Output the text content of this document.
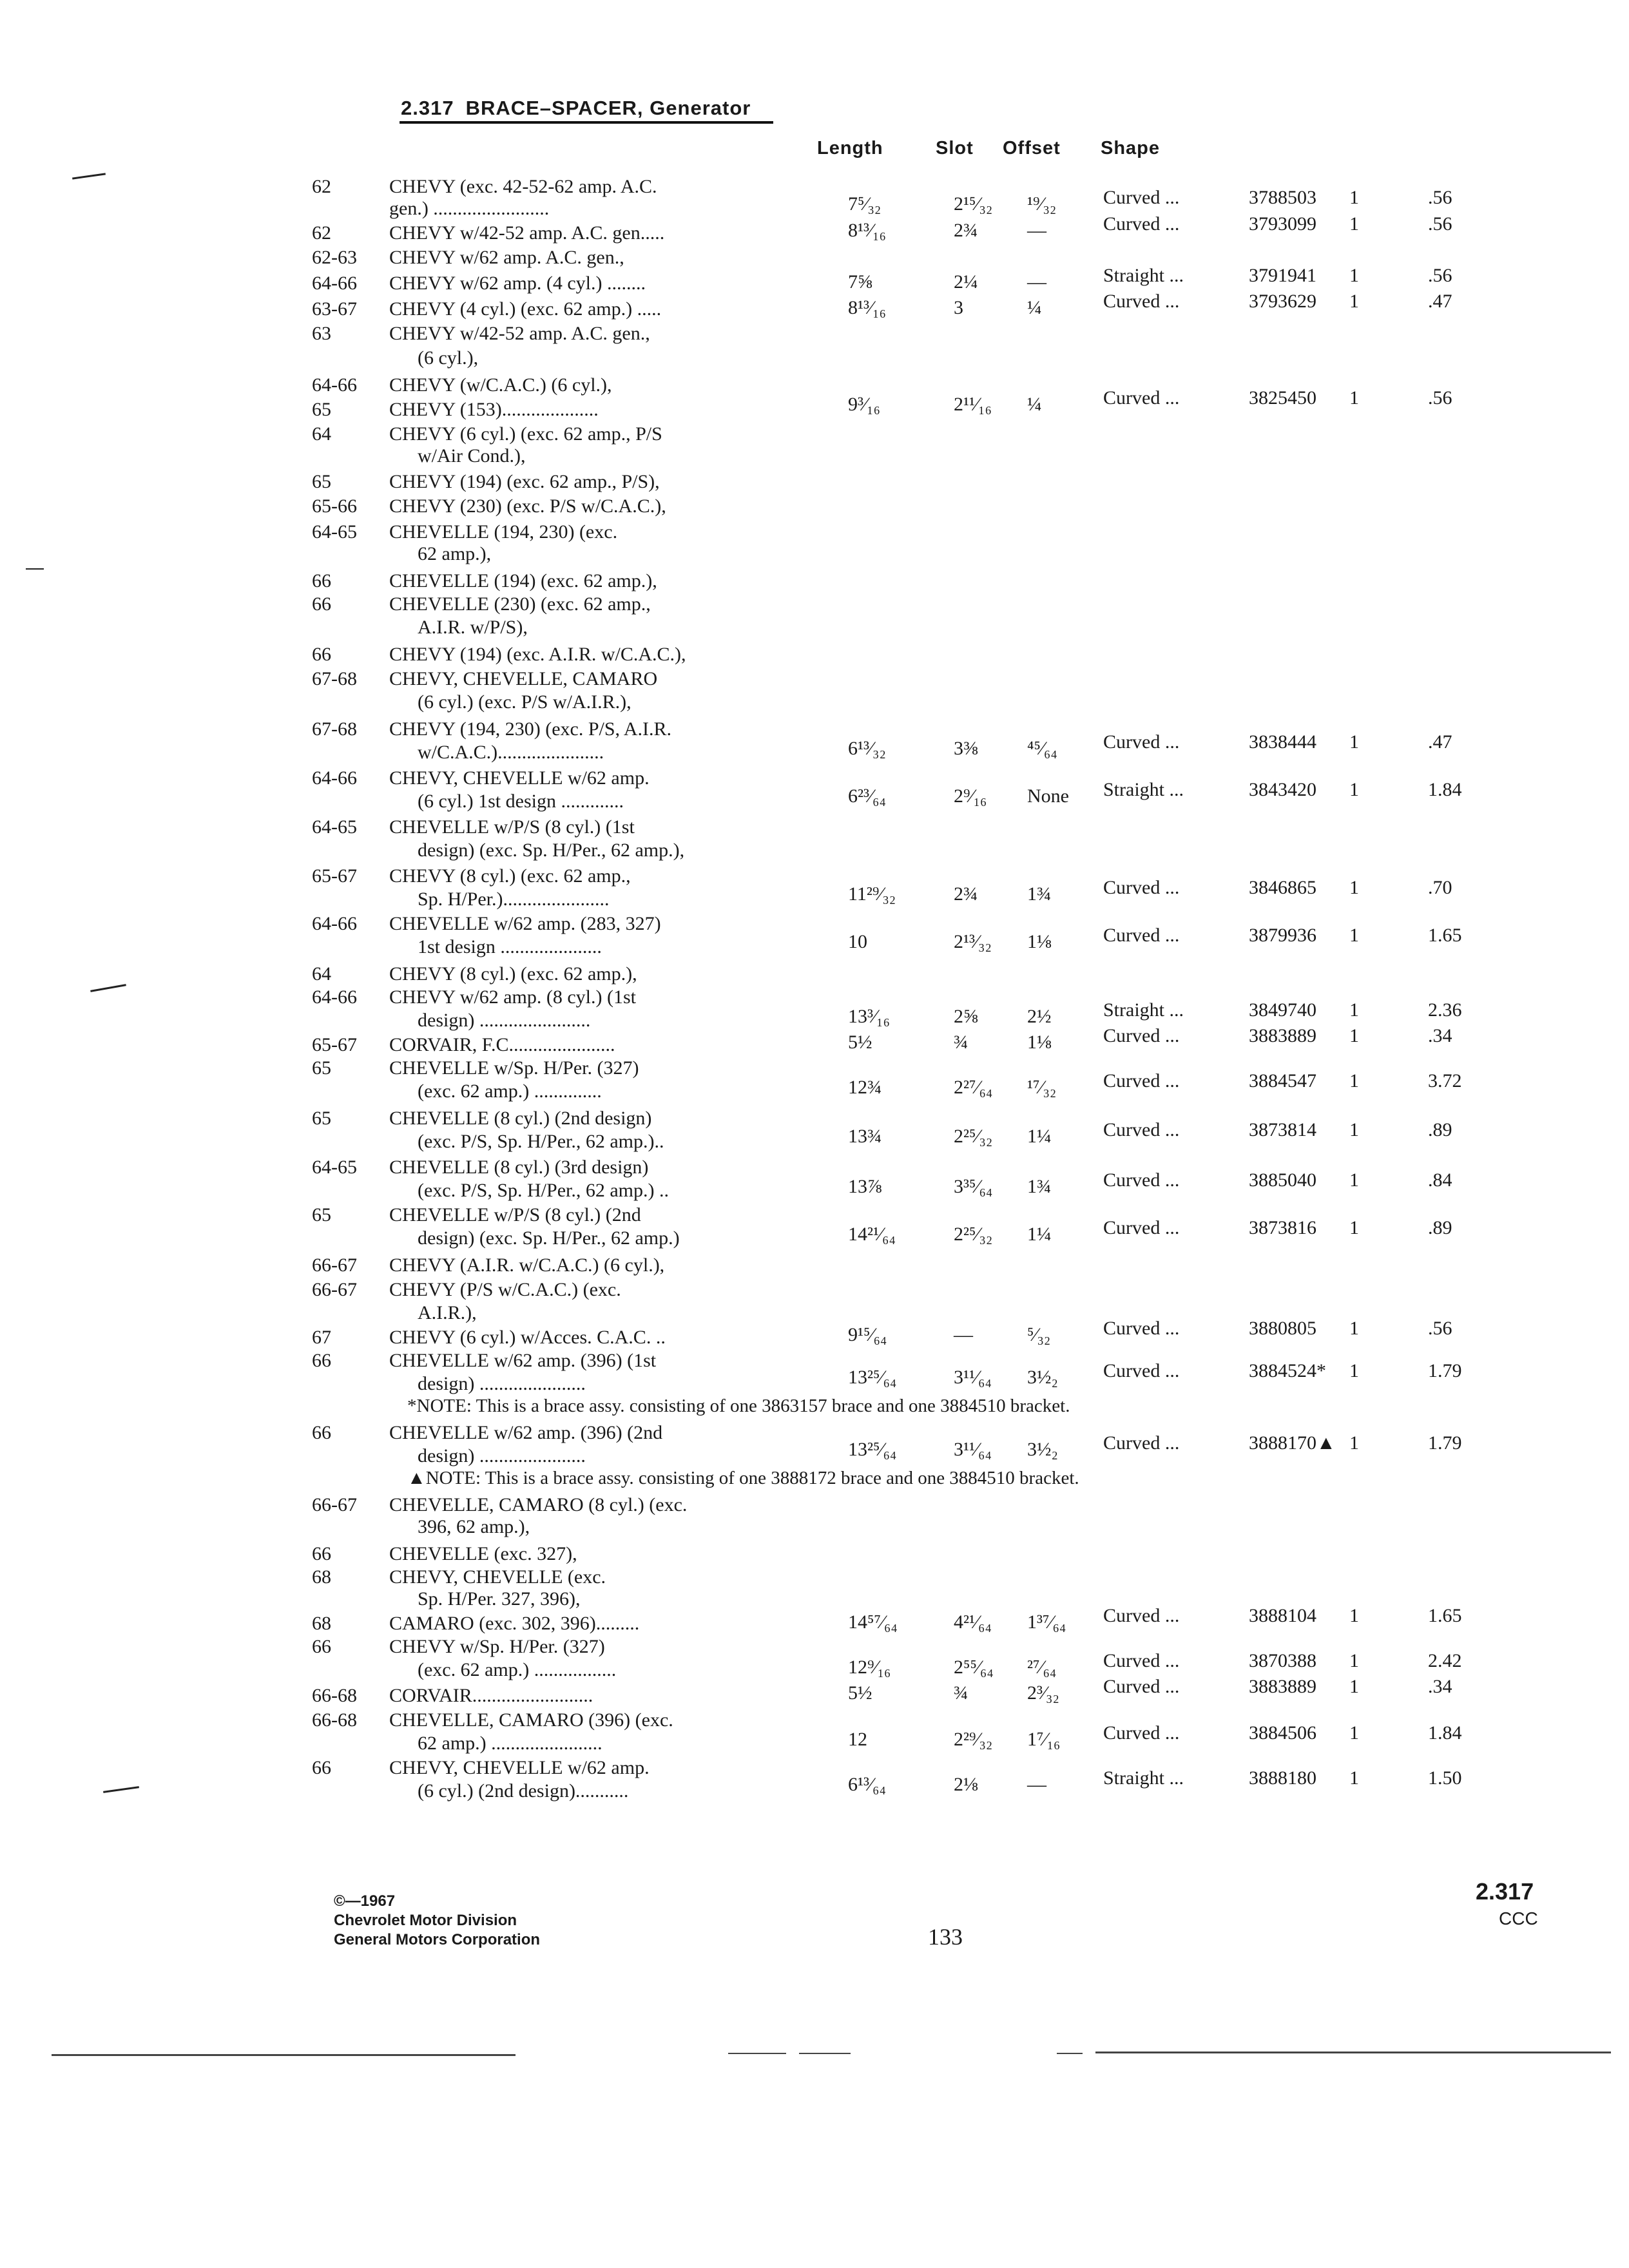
2.317 BRACE–SPACER, Generator
Length	Slot Offset Shape
62	CHEVY (exc. 42-52-62 amp. A.C.
gen.) ........................	7⁵⁄₃₂	2¹⁵⁄₃₂ ¹⁹⁄₃₂ Curved ...	3788503 1	.56
62	CHEVY w/42-52 amp. A.C. gen.....	8¹³⁄₁₆	2¾	—	Curved ...	3793099 1	.56
62-63 CHEVY w/62 amp. A.C. gen.,
64-66 CHEVY w/62 amp. (4 cyl.) ........	7⅝	2¼	—	Straight ...	3791941 1	.56
63-67 CHEVY (4 cyl.) (exc. 62 amp.) .....	8¹³⁄₁₆	3	¼	Curved ...	3793629 1	.47
63	CHEVY w/42-52 amp. A.C. gen.,
(6 cyl.),
64-66 CHEVY (w/C.A.C.) (6 cyl.),
65	CHEVY (153)....................	9³⁄₁₆	2¹¹⁄₁₆ ¼	Curved ...	3825450 1	.56
64	CHEVY (6 cyl.) (exc. 62 amp., P/S
w/Air Cond.),
65	CHEVY (194) (exc. 62 amp., P/S),
65-66 CHEVY (230) (exc. P/S w/C.A.C.),
64-65 CHEVELLE (194, 230) (exc.
62 amp.),
66	CHEVELLE (194) (exc. 62 amp.),
66	CHEVELLE (230) (exc. 62 amp.,
A.I.R. w/P/S),
66	CHEVY (194) (exc. A.I.R. w/C.A.C.),
67-68 CHEVY, CHEVELLE, CAMARO
(6 cyl.) (exc. P/S w/A.I.R.),
67-68 CHEVY (194, 230) (exc. P/S, A.I.R.
w/C.A.C.)......................	6¹³⁄₃₂	3⅜	⁴⁵⁄₆₄ Curved ...	3838444 1	.47
64-66 CHEVY, CHEVELLE w/62 amp.
(6 cyl.) 1st design .............	6²³⁄₆₄	2⁹⁄₁₆ None Straight ...	3843420 1	1.84
64-65 CHEVELLE w/P/S (8 cyl.) (1st
design) (exc. Sp. H/Per., 62 amp.),
65-67 CHEVY (8 cyl.) (exc. 62 amp.,
Sp. H/Per.)......................	11²⁹⁄₃₂	2¾	1¾	Curved ...	3846865 1	.70
64-66 CHEVELLE w/62 amp. (283, 327)
1st design .....................	10	2¹³⁄₃₂ 1⅛	Curved ...	3879936 1	1.65
64	CHEVY (8 cyl.) (exc. 62 amp.),
64-66 CHEVY w/62 amp. (8 cyl.) (1st
design) .......................	13³⁄₁₆	2⅝	2½	Straight ...	3849740 1	2.36
65-67 CORVAIR, F.C......................	5½	¾	1⅛	Curved ...	3883889 1	.34
65	CHEVELLE w/Sp. H/Per. (327)
(exc. 62 amp.) ..............	12¾	2²⁷⁄₆₄ ¹⁷⁄₃₂ Curved ...	3884547 1	3.72
65	CHEVELLE (8 cyl.) (2nd design)
(exc. P/S, Sp. H/Per., 62 amp.)..	13¾	2²⁵⁄₃₂ 1¼	Curved ...	3873814 1	.89
64-65 CHEVELLE (8 cyl.) (3rd design)
(exc. P/S, Sp. H/Per., 62 amp.) ..	13⅞	3³⁵⁄₆₄ 1¾	Curved ...	3885040 1	.84
65	CHEVELLE w/P/S (8 cyl.) (2nd
design) (exc. Sp. H/Per., 62 amp.)	14²¹⁄₆₄	2²⁵⁄₃₂ 1¼	Curved ...	3873816 1	.89
66-67 CHEVY (A.I.R. w/C.A.C.) (6 cyl.),
66-67 CHEVY (P/S w/C.A.C.) (exc.
A.I.R.),
67	CHEVY (6 cyl.) w/Acces. C.A.C. ..	9¹⁵⁄₆₄	—	⁵⁄₃₂	Curved ...	3880805 1	.56
66	CHEVELLE w/62 amp. (396) (1st
design) ......................	13²⁵⁄₆₄	3¹¹⁄₆₄ 3½₂ Curved ...	3884524* 1	1.79
*NOTE: This is a brace assy. consisting of one 3863157 brace and one 3884510 bracket.
66	CHEVELLE w/62 amp. (396) (2nd
design) ......................	13²⁵⁄₆₄	3¹¹⁄₆₄ 3½₂ Curved ...	3888170▲ 1	1.79
▲NOTE: This is a brace assy. consisting of one 3888172 brace and one 3884510 bracket.
66-67 CHEVELLE, CAMARO (8 cyl.) (exc.
396, 62 amp.),
66	CHEVELLE (exc. 327),
68	CHEVY, CHEVELLE (exc.
Sp. H/Per. 327, 396),
68	CAMARO (exc. 302, 396).........	14⁵⁷⁄₆₄	4²¹⁄₆₄ 1³⁷⁄₆₄ Curved ...	3888104 1	1.65
66	CHEVY w/Sp. H/Per. (327)
(exc. 62 amp.) .................	12⁹⁄₁₆	2⁵⁵⁄₆₄ ²⁷⁄₆₄ Curved ...	3870388 1	2.42
66-68 CORVAIR.........................	5½	¾	2³⁄₃₂ Curved ...	3883889 1	.34
66-68 CHEVELLE, CAMARO (396) (exc.
62 amp.) .......................	12	2²⁹⁄₃₂ 1⁷⁄₁₆ Curved ...	3884506 1	1.84
66	CHEVY, CHEVELLE w/62 amp.
(6 cyl.) (2nd design)...........	6¹³⁄₆₄	2⅛	—	Straight ...	3888180 1	1.50
©—1967
Chevrolet Motor Division
General Motors Corporation	133
2.317
CCC
